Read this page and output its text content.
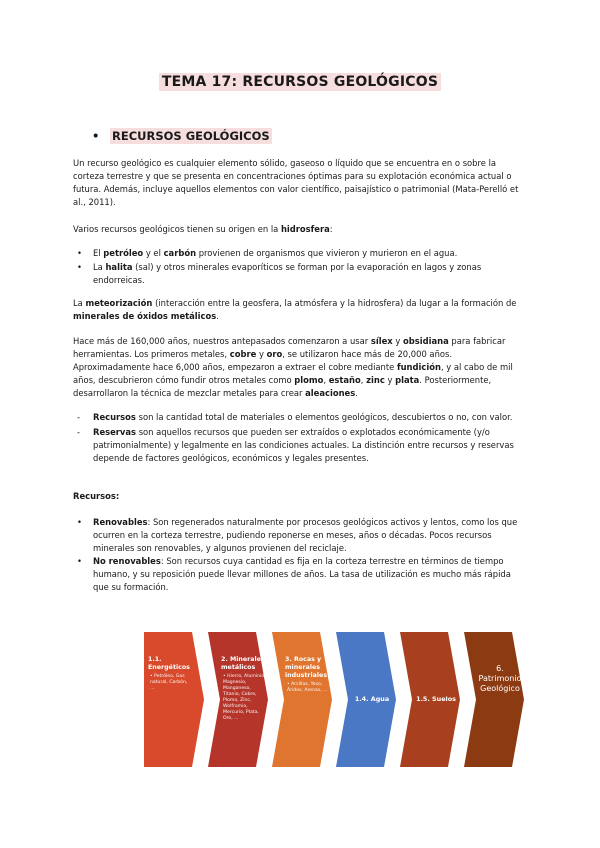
TEMA 17: RECURSOS GEOLÓGICOS
• RECURSOS GEOLÓGICOS

Un recurso geológico es cualquier elemento sólido, gaseoso o líquido que se encuentra en o sobre la corteza terrestre y que se presenta en concentraciones óptimas para su explotación económica actual o futura. Además, incluye aquellos elementos con valor científico, paisajístico o patrimonial (Mata-Perelló et al., 2011).

Varios recursos geológicos tienen su origen en la hidrosfera:

• El petróleo y el carbón provienen de organismos que vivieron y murieron en el agua.

• La halita (sal) y otros minerales evaporíticos se forman por la evaporación en lagos y zonas endorreicas.

La meteorización (interacción entre la geosfera, la atmósfera y la hidrosfera) da lugar a la formación de minerales de óxidos metálicos.

Hace más de 160,000 años, nuestros antepasados comenzaron a usar sílex y obsidiana para fabricar herramientas. Los primeros metales, cobre y oro, se utilizaron hace más de 20,000 años. Aproximadamente hace 6,000 años, empezaron a extraer el cobre mediante fundición, y al cabo de mil años, descubrieron cómo fundir otros metales como plomo, estaño, zinc y plata. Posteriormente, desarrollaron la técnica de mezclar metales para crear aleaciones.

- Recursos son la cantidad total de materiales o elementos geológicos, descubiertos o no, con valor.

- Reservas son aquellos recursos que pueden ser extraídos o explotados económicamente (y/o patrimonialmente) y legalmente en las condiciones actuales. La distinción entre recursos y reservas depende de factores geológicos, económicos y legales presentes.

Recursos:

• Renovables: Son regenerados naturalmente por procesos geológicos activos y lentos, como los que ocurren en la corteza terrestre, pudiendo reponerse en meses, años o décadas. Pocos recursos minerales son renovables, y algunos provienen del reciclaje.

• No renovables: Son recursos cuya cantidad es fija en la corteza terrestre en términos de tiempo humano, y su reposición puede llevar millones de años. La tasa de utilización es mucho más rápida que su formación.

1.1. Energéticos
• Petróleo, Gas natural, Carbón, ...
2. Minerales metálicos
• Hierro, Aluminio, Magnesio, Manganeso, Titanio, Cobre, Plomo, Zinc, Wolframio, Mercurio, Plata, Oro, ...
3. Rocas y minerales industriales
• Arcillas, Yeso, Áridos, Arenas, ...
1.4. Agua	1.5. Suelos
6. Patrimonio Geológico
